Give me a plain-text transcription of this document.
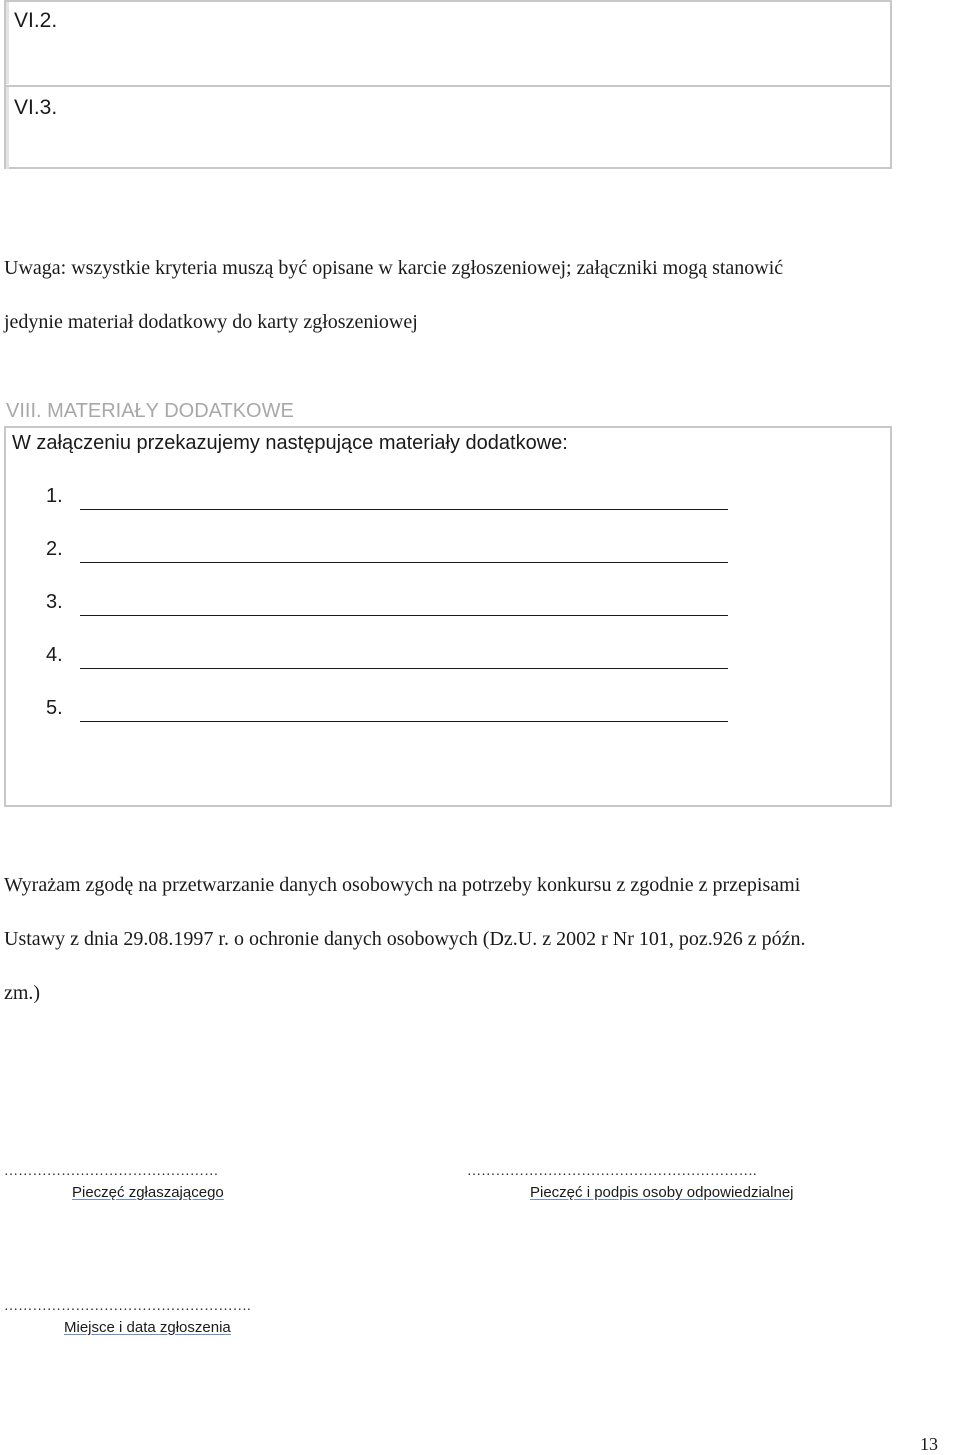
VI.2.
VI.3.
Uwaga: wszystkie kryteria muszą być opisane w karcie zgłoszeniowej; załączniki mogą stanowić
jedynie materiał dodatkowy do karty zgłoszeniowej
VIII. MATERIAŁY DODATKOWE
W załączeniu przekazujemy następujące materiały dodatkowe:
1.
2.
3.
4.
5.
Wyrażam zgodę na przetwarzanie danych osobowych na potrzeby konkursu z zgodnie z przepisami
Ustawy z dnia 29.08.1997 r. o ochronie danych osobowych (Dz.U. z 2002 r Nr 101, poz.926 z późn.
zm.)
………………………………………
Pieczęć zgłaszającego
…………………………………………………….
Pieczęć i podpis osoby odpowiedzialnej
…………………………………………….
Miejsce i data zgłoszenia
13
